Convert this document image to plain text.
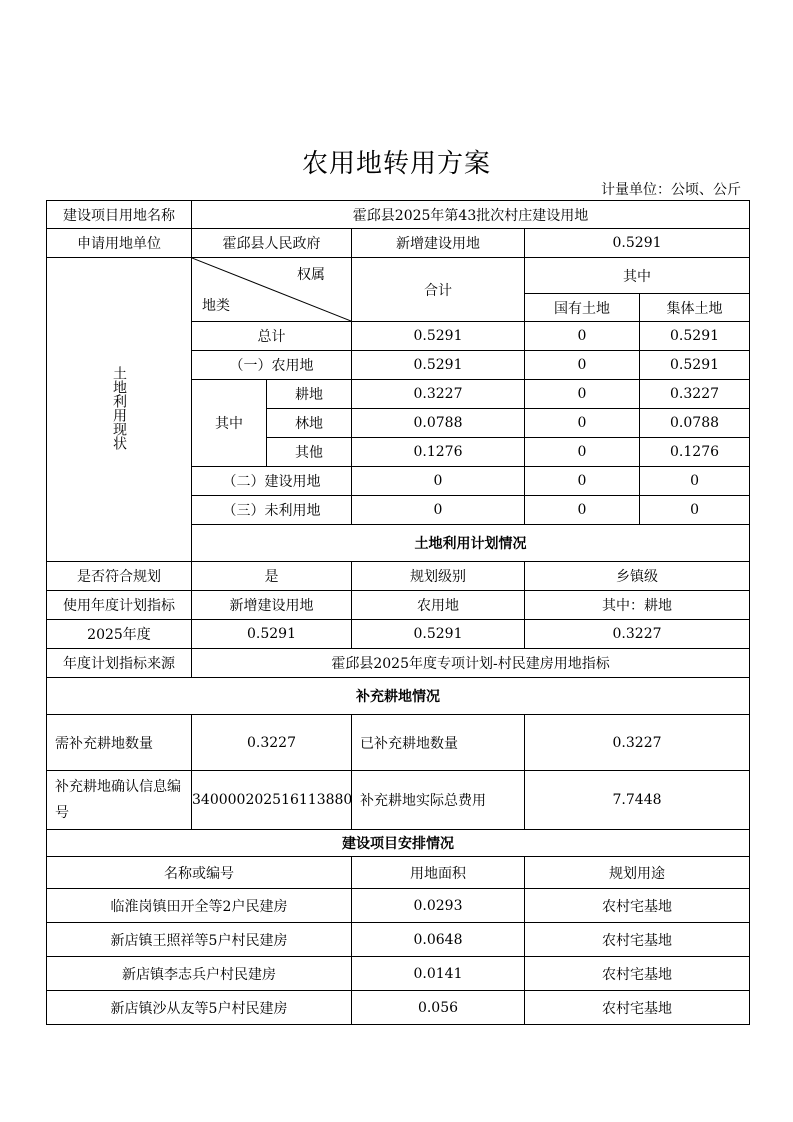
农用地转用方案
计量单位：公顷、公斤
建设项目用地名称	霍邱县2025年第43批次村庄建设用地				
申请用地单位	霍邱县人民政府		新增建设用地	0.5291	
土地利用现状	权属
地类		合计	其中	
				国有土地	集体土地
	总计		0.5291	0	0.5291
	（一）农用地		0.5291	0	0.5291
	其中	耕地	0.3227	0	0.3227
		林地	0.0788	0	0.0788
		其他	0.1276	0	0.1276
	（二）建设用地		0	0	0
	（三）未利用地		0	0	0
	土地利用计划情况				
是否符合规划	是		规划级别	乡镇级	
使用年度计划指标	新增建设用地		农用地	其中：耕地	
2025年度	0.5291		0.5291	0.3227	
年度计划指标来源	霍邱县2025年度专项计划-村民建房用地指标				
补充耕地情况					
需补充耕地数量	0.3227		已补充耕地数量	0.3227	
补充耕地确认信息编号	340000202516113880		补充耕地实际总费用	7.7448	
建设项目安排情况					
名称或编号			用地面积	规划用途	
临淮岗镇田开全等2户民建房			0.0293	农村宅基地	
新店镇王照祥等5户村民建房			0.0648	农村宅基地	
新店镇李志兵户村民建房			0.0141	农村宅基地	
新店镇沙从友等5户村民建房			0.056	农村宅基地	
